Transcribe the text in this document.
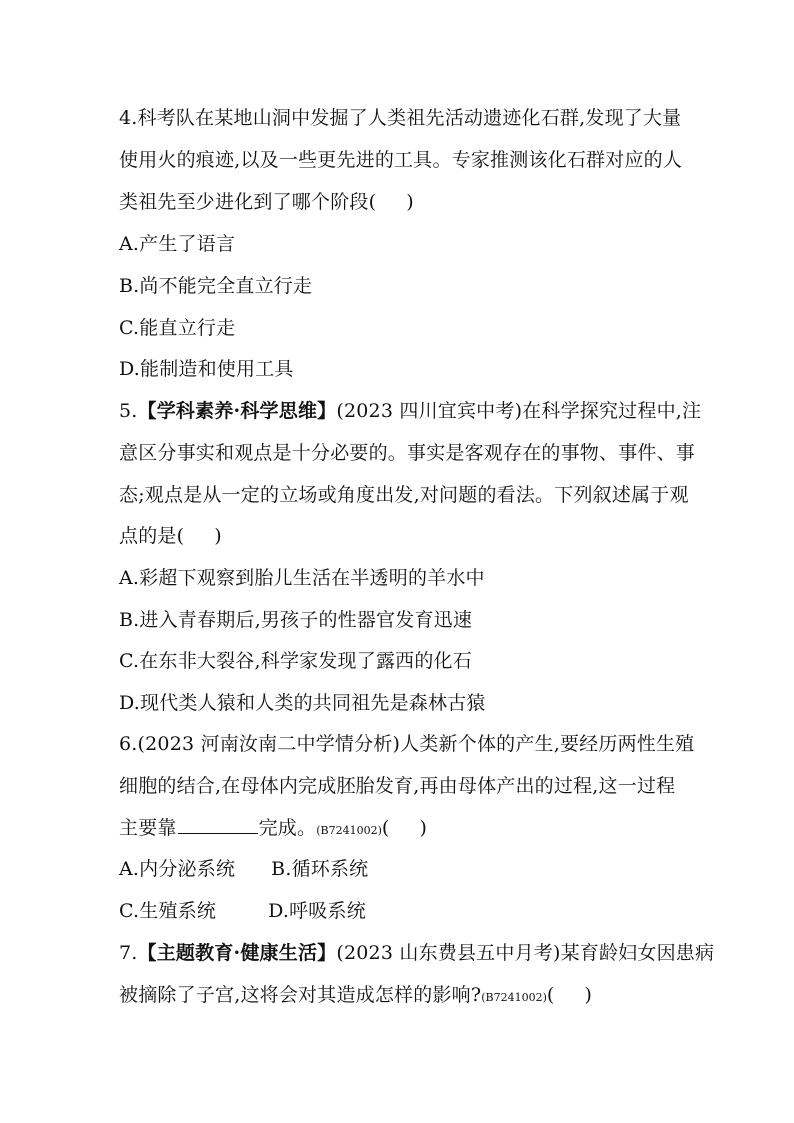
4.科考队在某地山洞中发掘了人类祖先活动遗迹化石群,发现了大量
使用火的痕迹,以及一些更先进的工具。专家推测该化石群对应的人
类祖先至少进化到了哪个阶段( )
A.产生了语言
B.尚不能完全直立行走
C.能直立行走
D.能制造和使用工具
5.【学科素养·科学思维】(2023 四川宜宾中考)在科学探究过程中,注
意区分事实和观点是十分必要的。事实是客观存在的事物、事件、事
态;观点是从一定的立场或角度出发,对问题的看法。下列叙述属于观
点的是( )
A.彩超下观察到胎儿生活在半透明的羊水中
B.进入青春期后,男孩子的性器官发育迅速
C.在东非大裂谷,科学家发现了露西的化石
D.现代类人猿和人类的共同祖先是森林古猿
6.(2023 河南汝南二中学情分析)人类新个体的产生,要经历两性生殖
细胞的结合,在母体内完成胚胎发育,再由母体产出的过程,这一过程
主要靠	完成。(B7241002)( )
A.内分泌系统 B.循环系统
C.生殖系统	D.呼吸系统
7.【主题教育·健康生活】(2023 山东费县五中月考)某育龄妇女因患病
被摘除了子宫,这将会对其造成怎样的影响?(B7241002)( )
